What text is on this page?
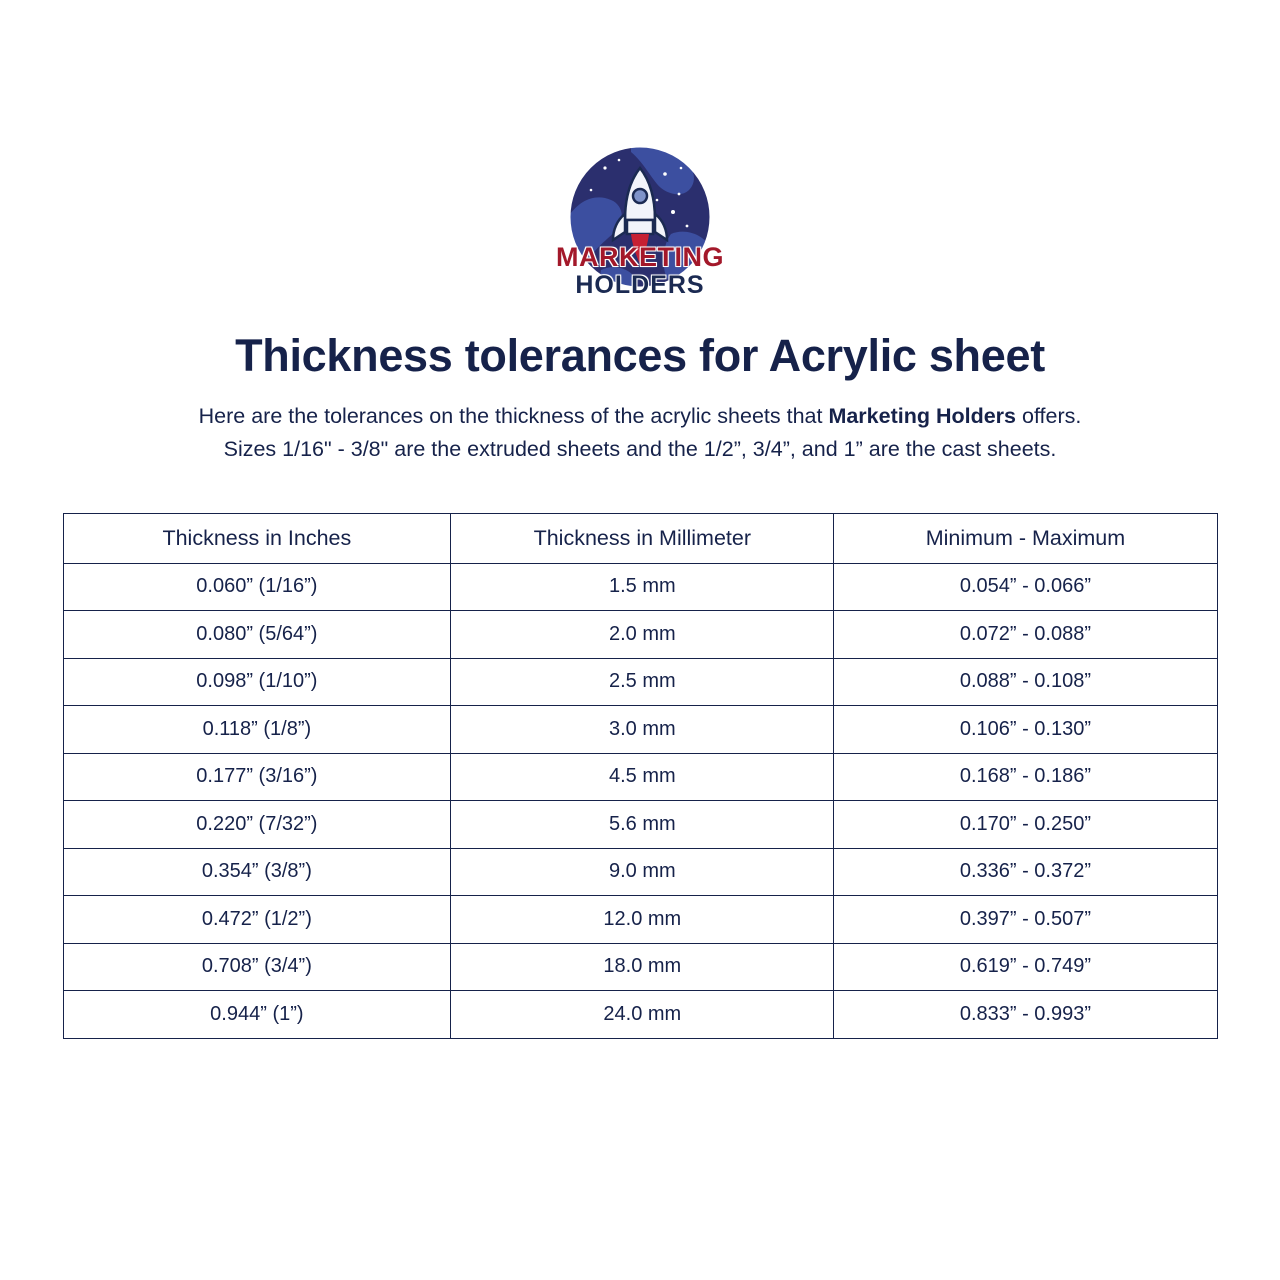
MARKETING
HOLDERS
Thickness tolerances for Acrylic sheet
Here are the tolerances on the thickness of the acrylic sheets that Marketing Holders offers.
Sizes 1/16" - 3/8" are the extruded sheets and the 1/2”, 3/4”, and 1” are the cast sheets.
Thickness in Inches	Thickness in Millimeter	Minimum - Maximum
0.060” (1/16”)	1.5 mm	0.054” - 0.066”
0.080” (5/64”)	2.0 mm	0.072” - 0.088”
0.098” (1/10”)	2.5 mm	0.088” - 0.108”
0.118” (1/8”)	3.0 mm	0.106” - 0.130”
0.177” (3/16”)	4.5 mm	0.168” - 0.186”
0.220” (7/32”)	5.6 mm	0.170” - 0.250”
0.354” (3/8”)	9.0 mm	0.336” - 0.372”
0.472” (1/2”)	12.0 mm	0.397” - 0.507”
0.708” (3/4”)	18.0 mm	0.619” - 0.749”
0.944” (1”)	24.0 mm	0.833” - 0.993”
